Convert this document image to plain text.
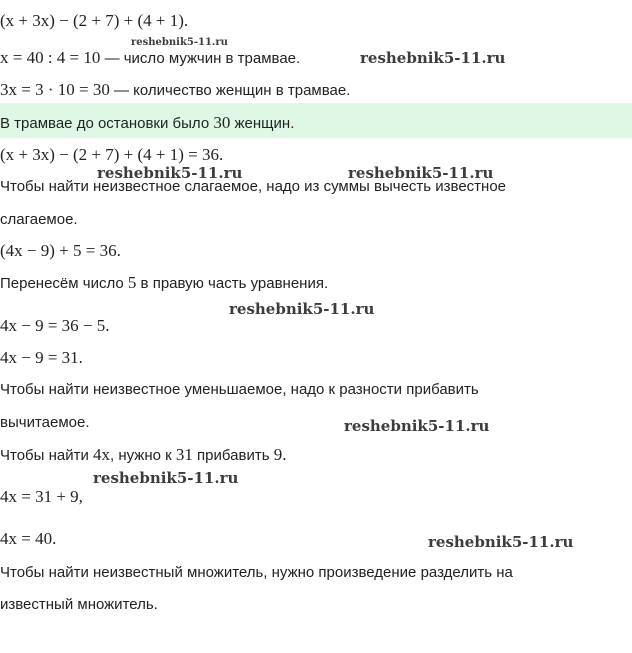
(x + 3x) − (2 + 7) + (4 + 1).
x = 40 : 4 = 10 — число мужчин в трамвае.
3x = 3 · 10 = 30 — количество женщин в трамвае.
В трамвае до остановки было 30 женщин.
(x + 3x) − (2 + 7) + (4 + 1) = 36.
Чтобы найти неизвестное слагаемое, надо из суммы вычесть известное
слагаемое.
(4x − 9) + 5 = 36.
Перенесём число 5 в правую часть уравнения.
4x − 9 = 36 − 5.
4x − 9 = 31.
Чтобы найти неизвестное уменьшаемое, надо к разности прибавить
вычитаемое.
Чтобы найти 4x, нужно к 31 прибавить 9.
4x = 31 + 9,
4x = 40.
Чтобы найти неизвестный множитель, нужно произведение разделить на
известный множитель.
reshebnik5-11.ru
reshebnik5-11.ru
reshebnik5-11.ru	reshebnik5-11.ru
reshebnik5-11.ru
reshebnik5-11.ru
reshebnik5-11.ru
reshebnik5-11.ru
